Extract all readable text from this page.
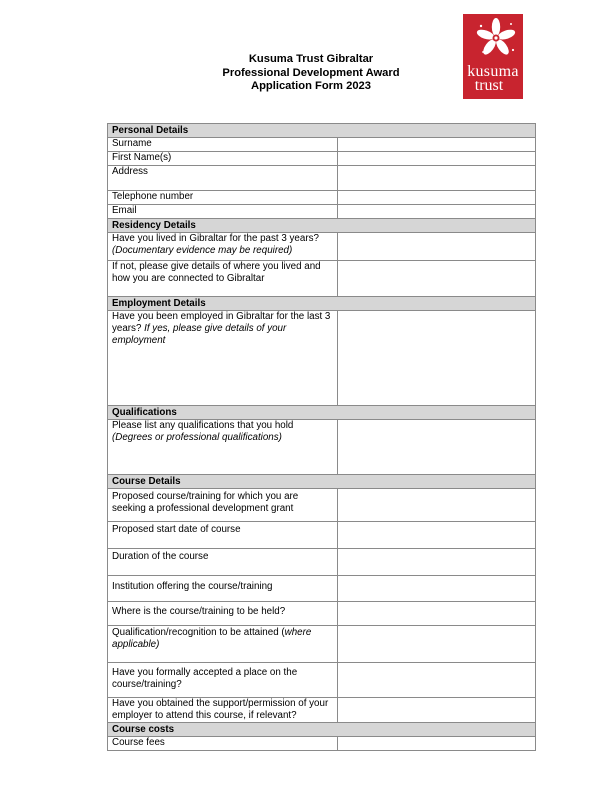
Kusuma Trust Gibraltar
Professional Development Award
Application Form 2023
kusuma
trust
Personal Details	
Surname	
First Name(s)	
Address	
Telephone number	
Email	
Residency Details	
Have you lived in Gibraltar for the past 3 years?
(Documentary evidence may be required)	
If not, please give details of where you lived and how you are connected to Gibraltar	
Employment Details	
Have you been employed in Gibraltar for the last 3 years? If yes, please give details of your employment	
Qualifications	
Please list any qualifications that you hold
(Degrees or professional qualifications)	
Course Details	
Proposed course/training for which you are seeking a professional development grant	
Proposed start date of course	
Duration of the course	
Institution offering the course/training	
Where is the course/training to be held?	
Qualification/recognition to be attained (where applicable)	
Have you formally accepted a place on the course/training?	
Have you obtained the support/permission of your employer to attend this course, if relevant?	
Course costs	
Course fees	
